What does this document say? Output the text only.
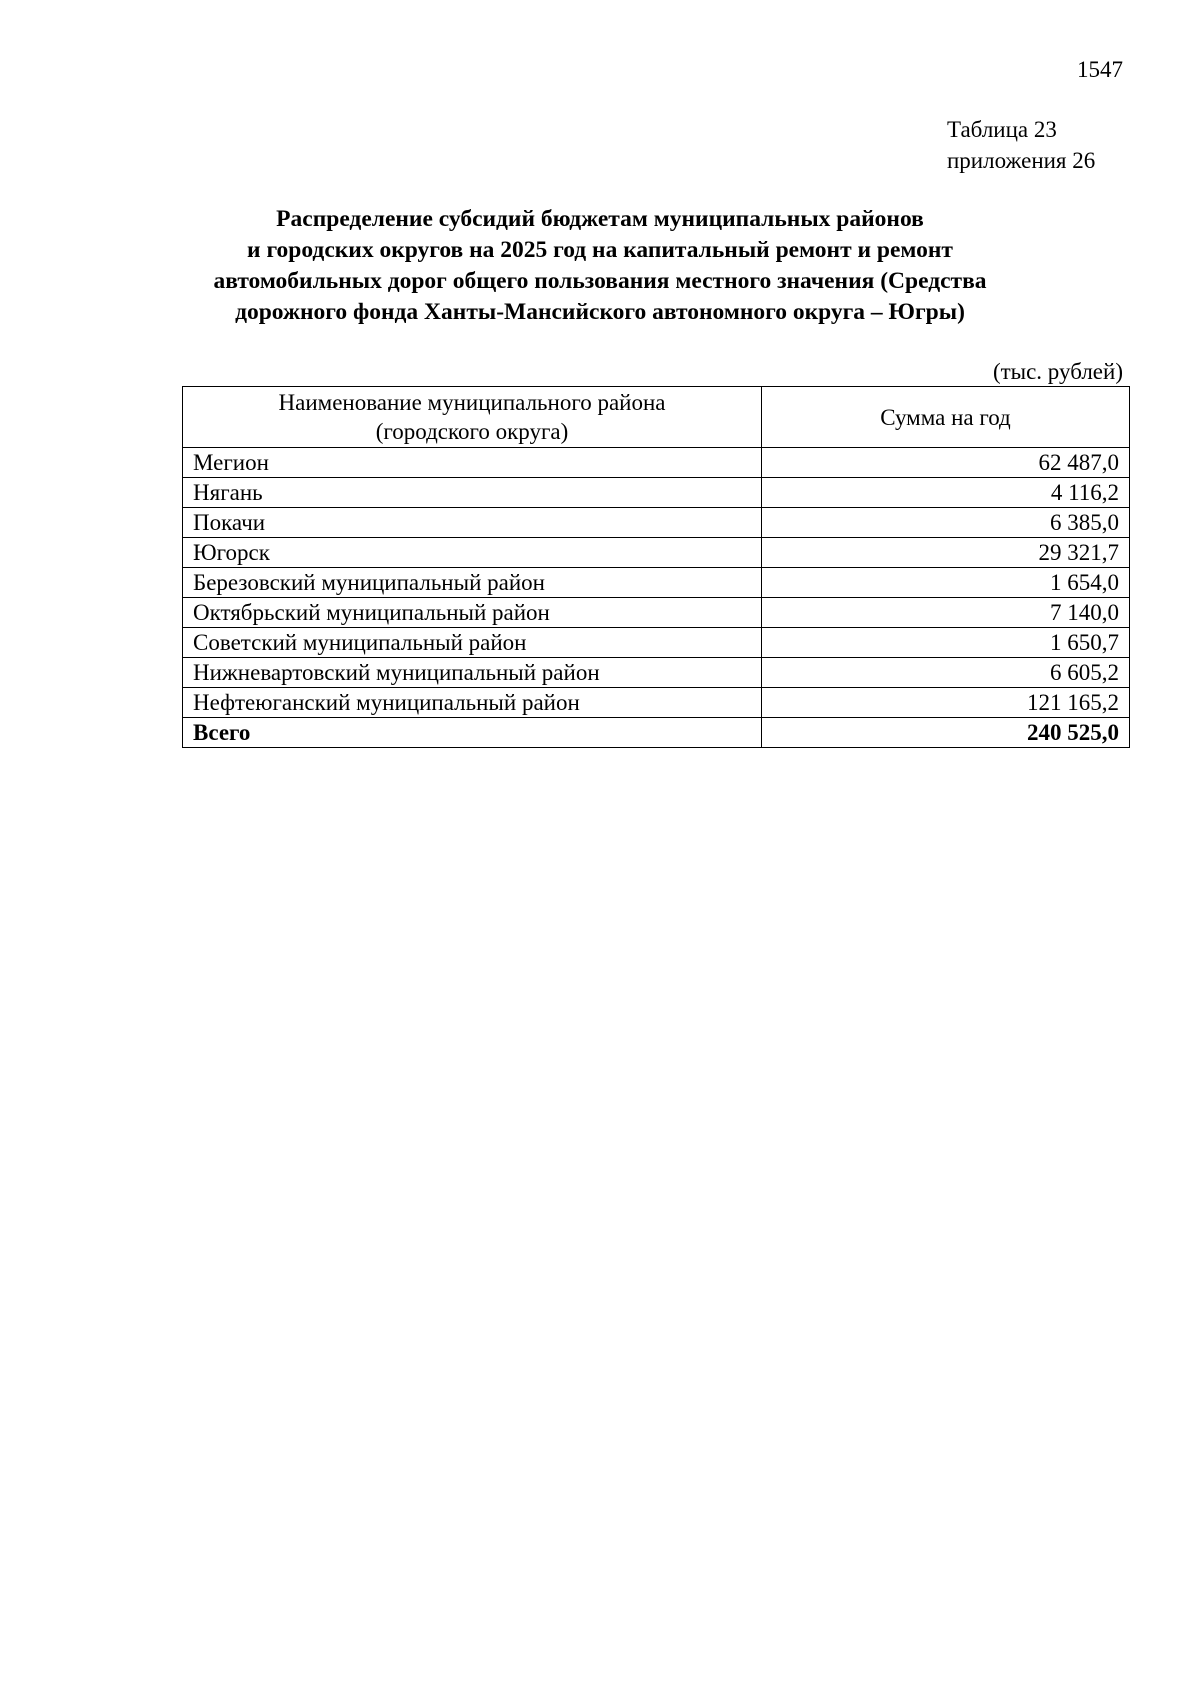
1547
Таблица 23
приложения 26
Распределение субсидий бюджетам муниципальных районов
и городских округов на 2025 год на капитальный ремонт и ремонт
автомобильных дорог общего пользования местного значения (Средства
дорожного фонда Ханты-Мансийского автономного округа – Югры)
(тыс. рублей)
Наименование муниципального района
(городского округа)	Сумма на год
Мегион	62 487,0
Нягань	4 116,2
Покачи	6 385,0
Югорск	29 321,7
Березовский муниципальный район	1 654,0
Октябрьский муниципальный район	7 140,0
Советский муниципальный район	1 650,7
Нижневартовский муниципальный район	6 605,2
Нефтеюганский муниципальный район	121 165,2
Всего	240 525,0
